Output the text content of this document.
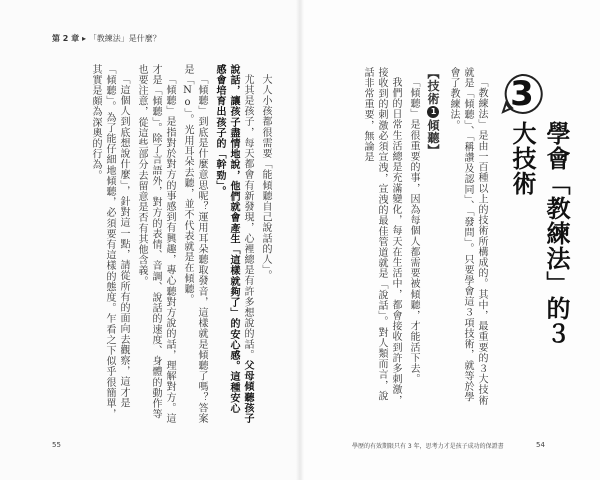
第 2 章 ▸ 「教練法」是什麼？

大人小孩都很需要「能傾聽自己說話的人」。

尤其是孩子，每天都會有新發現，心裡總是有許多想說的話。父母傾聽孩子說話，讓孩子盡情地說，他們就會產生「這樣就夠了」的安心感。這種安心感會培育出孩子的「幹勁」。

「傾聽」到底是什麼意思呢？運用耳朵聽取發音，這樣就是傾聽了嗎？答案是「No」。光用耳朵去聽，並不代表就是在傾聽。

「傾聽」是指對於對方的事感到有興趣，專心聽對方說的話，理解對方。這才是「傾聽」。除了言語外，對方的表情、音調、說話的速度、身體的動作等也要注意，從這些部分去留意是否有其他含義。

「這個人到底想說什麼」，針對這一點，請從所有的面向去觀察，這才是「傾聽」。為了能仔細地傾聽，必須要有這樣的態度。乍看之下似乎很簡單，其實是頗為深奧的行為。	「教練法」是由一百種以上的技術所構成的。其中，最重要的３大技術就是「傾聽」、「稱讚及認同」、「發問」。只要學會這３項技術，就等於學會了教練法。

【技術1傾聽】

「傾聽」是很重要的事，因為每個人都需要被傾聽，才能活下去。

我們的日常生活總是充滿變化，每天在生活中，都會接收到許多刺激，接收到的刺激必須宣洩，宣洩的最佳管道就是「說話」。對人類而言，說話非常重要，無論是	3
學會「教練法」的３大技術
55	54
學歷的有效期限只有 3 年，思考力才是孩子成功的保證書
